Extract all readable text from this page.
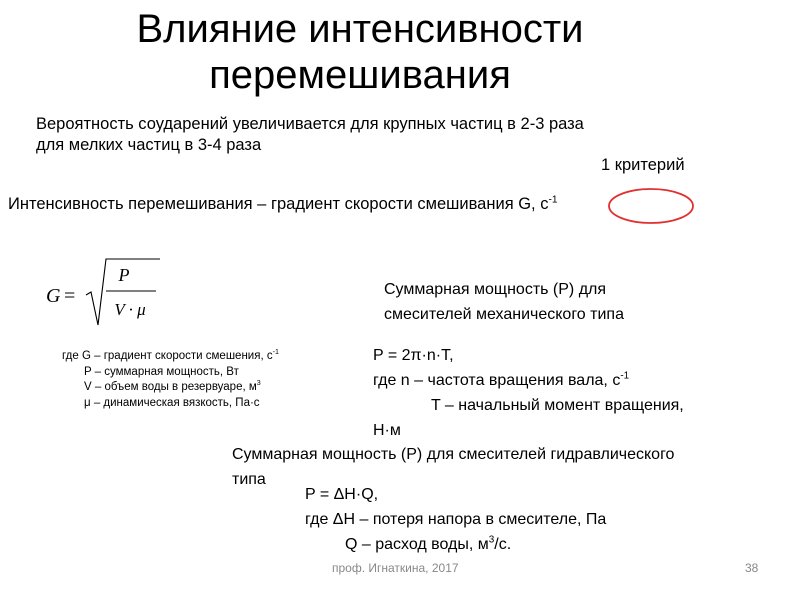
Влияние интенсивности
перемешивания
Вероятность соударений увеличивается для крупных частиц в 2-3 раза
для мелких частиц в 3-4 раза
1 критерий
Интенсивность перемешивания – градиент скорости смешивания G, $с^{-1}$
G =
P
V · μ
где G – градиент скорости смешения, $с^{-1}$
P – суммарная мощность, Вт
V – объем воды в резервуаре, $м^3$
μ – динамическая вязкость, Па·с
Суммарная мощность (P) для
смесителей механического типа
P = 2π·n·T,
где n – частота вращения вала, $с^{-1}$
T – начальный момент вращения,
Н·м
Суммарная мощность (P) для смесителей гидравлического
типа
P = ΔH·Q,
где ΔH – потеря напора в смесителе, Па
Q – расход воды, $м^3/с$.
проф. Игнаткина, 2017	38
